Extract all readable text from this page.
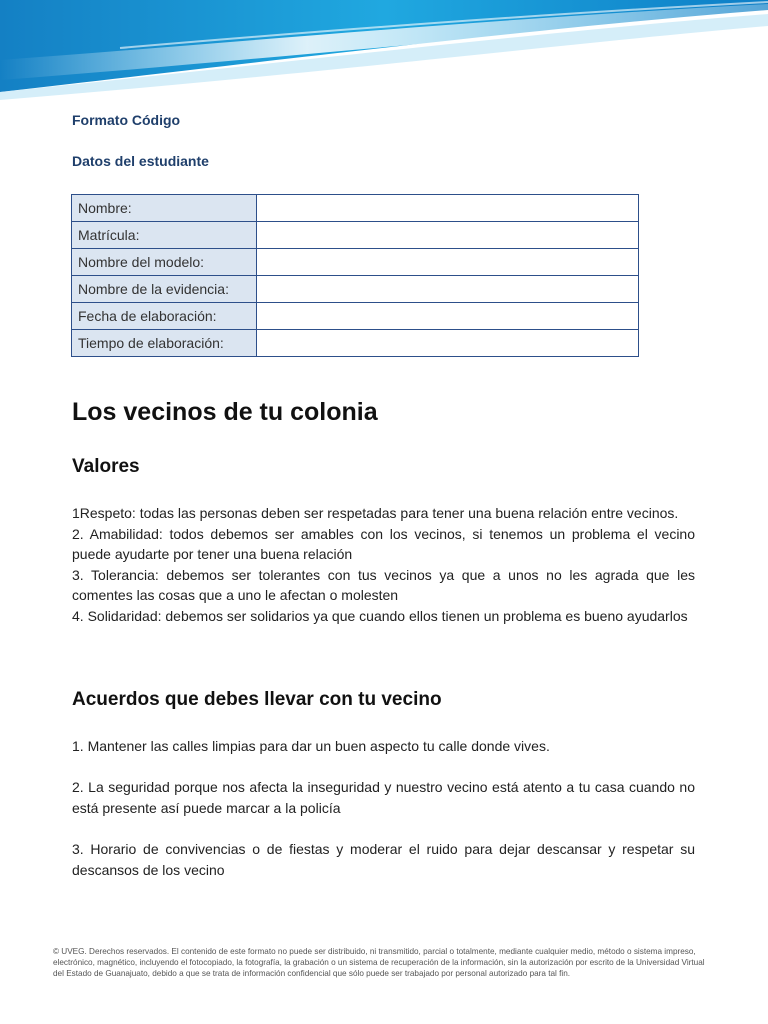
Formato Código
Datos del estudiante
Nombre:	
Matrícula:	
Nombre del modelo:	
Nombre de la evidencia:	
Fecha de elaboración:	
Tiempo de elaboración:	
Los vecinos de tu colonia
Valores

1Respeto: todas las personas deben ser respetadas para tener una buena relación entre vecinos.

2. Amabilidad: todos debemos ser amables con los vecinos, si tenemos un problema el vecino puede ayudarte por tener una buena relación

3. Tolerancia: debemos ser tolerantes con tus vecinos ya que a unos no les agrada que les comentes las cosas que a uno le afectan o molesten

4. Solidaridad: debemos ser solidarios ya que cuando ellos tienen un problema es bueno ayudarlos

Acuerdos que debes llevar con tu vecino

1. Mantener las calles limpias para dar un buen aspecto tu calle donde vives.

2. La seguridad porque nos afecta la inseguridad y nuestro vecino está atento a tu casa cuando no está presente así puede marcar a la policía

3. Horario de convivencias o de fiestas y moderar el ruido para dejar descansar y respetar su descansos de los vecino

© UVEG. Derechos reservados. El contenido de este formato no puede ser distribuido, ni transmitido, parcial o totalmente, mediante cualquier medio, método o sistema impreso, electrónico, magnético, incluyendo el fotocopiado, la fotografía, la grabación o un sistema de recuperación de la información, sin la autorización por escrito de la Universidad Virtual del Estado de Guanajuato, debido a que se trata de información confidencial que sólo puede ser trabajado por personal autorizado para tal fin.
